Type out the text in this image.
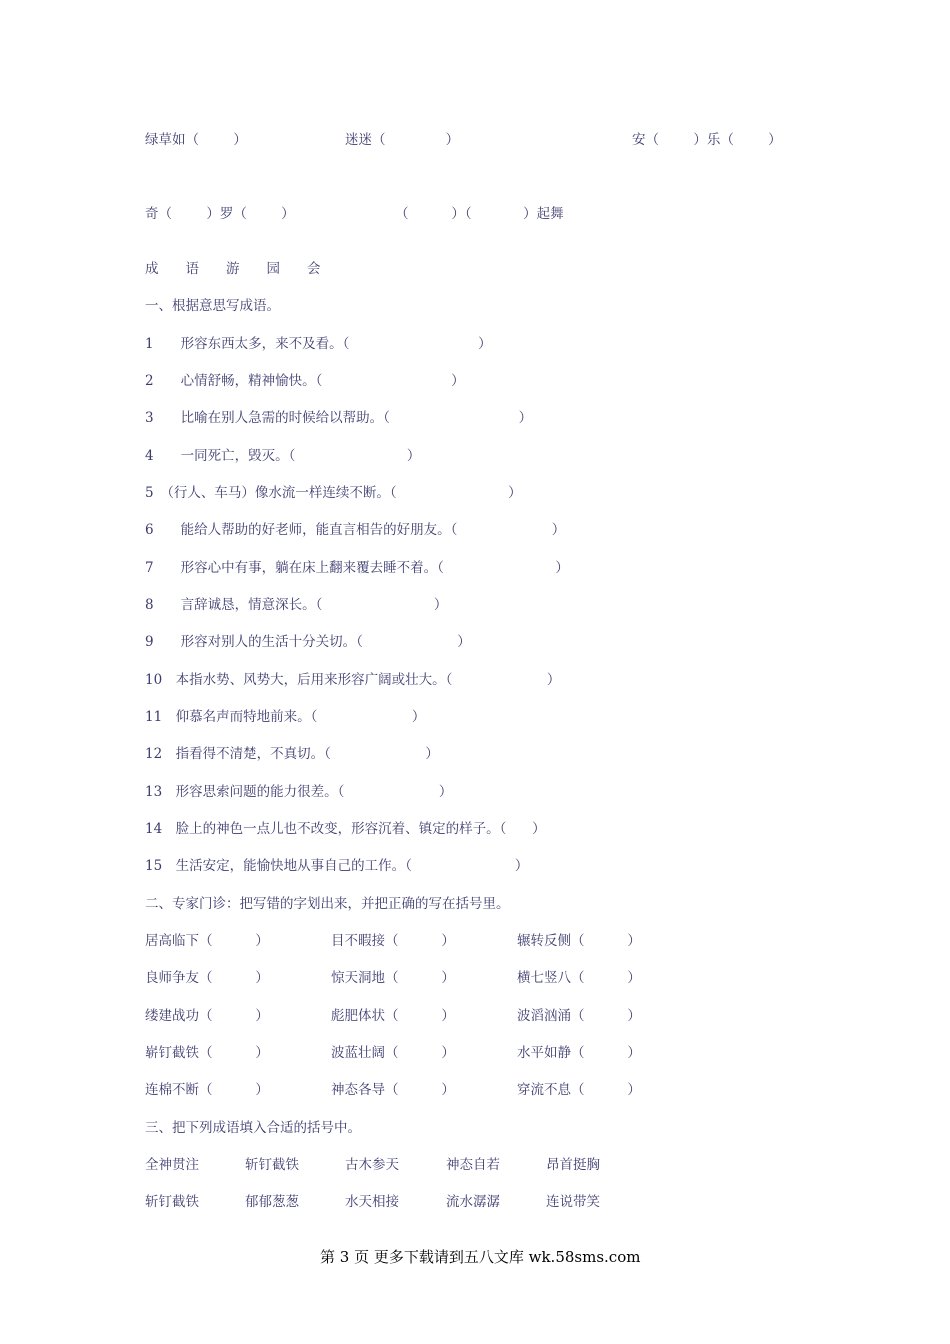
绿草如（        ）	迷迷（              ）	安（        ）乐（        ）
奇（        ）罗（        ）	（          ）（            ）起舞
成　　语　　游　　园　　会
一、根据意思写成语。
1　　形容东西太多，来不及看。（                              ）
2　　心情舒畅，精神愉快。（                              ）
3　　比喻在别人急需的时候给以帮助。（                              ）
4　　一同死亡，毁灭。（                          ）
5　（行人、车马）像水流一样连续不断。（                          ）
6　　能给人帮助的好老师，能直言相告的好朋友。（                      ）
7　　形容心中有事，躺在床上翻来覆去睡不着。（                          ）
8　　言辞诚恳，情意深长。（                          ）
9　　形容对别人的生活十分关切。（                      ）
10　本指水势、风势大，后用来形容广阔或壮大。（                      ）
11　仰慕名声而特地前来。（                      ）
12　指看得不清楚，不真切。（                      ）
13　形容思索问题的能力很差。（                      ）
14　脸上的神色一点儿也不改变，形容沉着、镇定的样子。（      ）
15　生活安定，能愉快地从事自己的工作。（                        ）
二、专家门诊：把写错的字划出来，并把正确的写在括号里。
居高临下（          ）	目不暇接（          ）	辗转反侧（          ）
良师争友（          ）	惊天洞地（          ）	横七竖八（          ）
缕建战功（          ）	彪肥体状（          ）	波滔汹涌（          ）
崭钉截铁（          ）	波蓝壮阔（          ）	水平如静（          ）
连棉不断（          ）	神态各导（          ）	穿流不息（          ）
三、把下列成语填入合适的括号中。
全神贯注	斩钉截铁	古木参天	神态自若	昂首挺胸
斩钉截铁	郁郁葱葱	水天相接	流水潺潺	连说带笑
第 3 页 更多下载请到五八文库 wk.58sms.com
